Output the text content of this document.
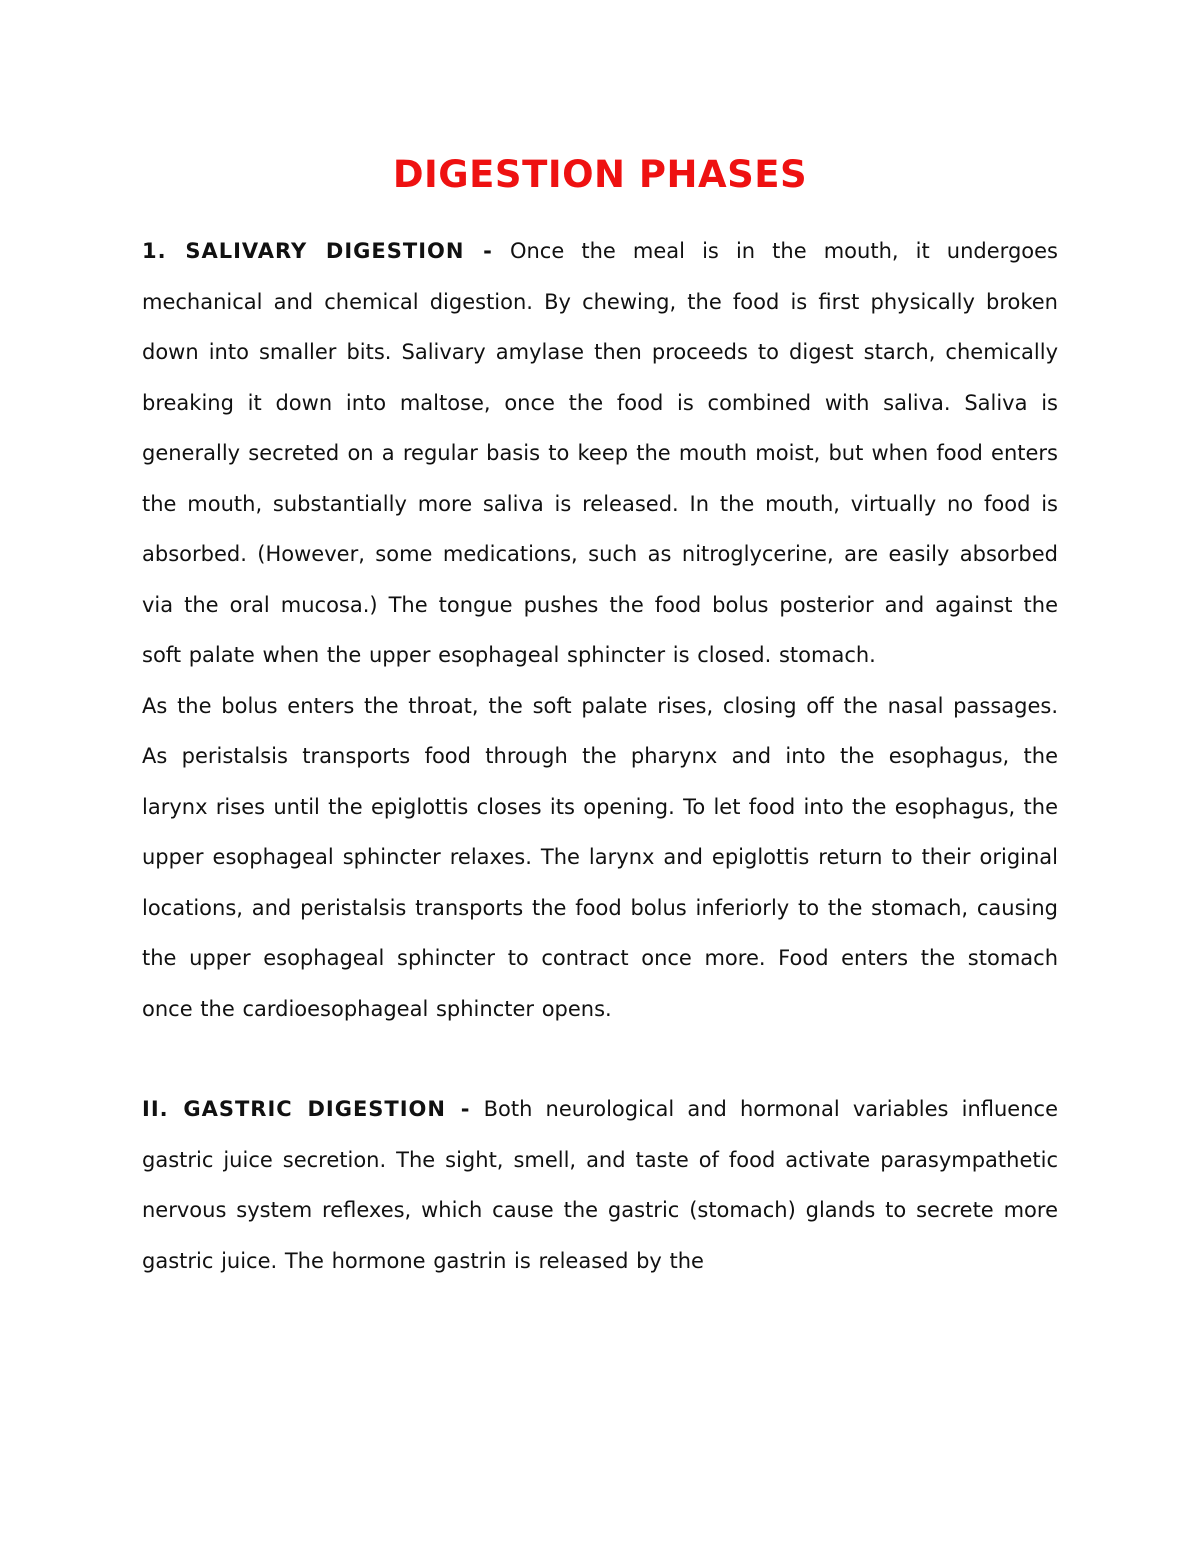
DIGESTION PHASES

1. SALIVARY DIGESTION - Once the meal is in the mouth, it undergoes mechanical and chemical digestion. By chewing, the food is first physically broken down into smaller bits. Salivary amylase then proceeds to digest starch, chemically breaking it down into maltose, once the food is combined with saliva. Saliva is generally secreted on a regular basis to keep the mouth moist, but when food enters the mouth, substantially more saliva is released. In the mouth, virtually no food is absorbed. (However, some medications, such as nitroglycerine, are easily absorbed via the oral mucosa.) The tongue pushes the food bolus posterior and against the soft palate when the upper esophageal sphincter is closed. stomach.

As the bolus enters the throat, the soft palate rises, closing off the nasal passages. As peristalsis transports food through the pharynx and into the esophagus, the larynx rises until the epiglottis closes its opening. To let food into the esophagus, the upper esophageal sphincter relaxes. The larynx and epiglottis return to their original locations, and peristalsis transports the food bolus inferiorly to the stomach, causing the upper esophageal sphincter to contract once more. Food enters the stomach once the cardioesophageal sphincter opens.

II. GASTRIC DIGESTION - Both neurological and hormonal variables influence gastric juice secretion. The sight, smell, and taste of food activate parasympathetic nervous system reflexes, which cause the gastric (stomach) glands to secrete more gastric juice. The hormone gastrin is released by the
